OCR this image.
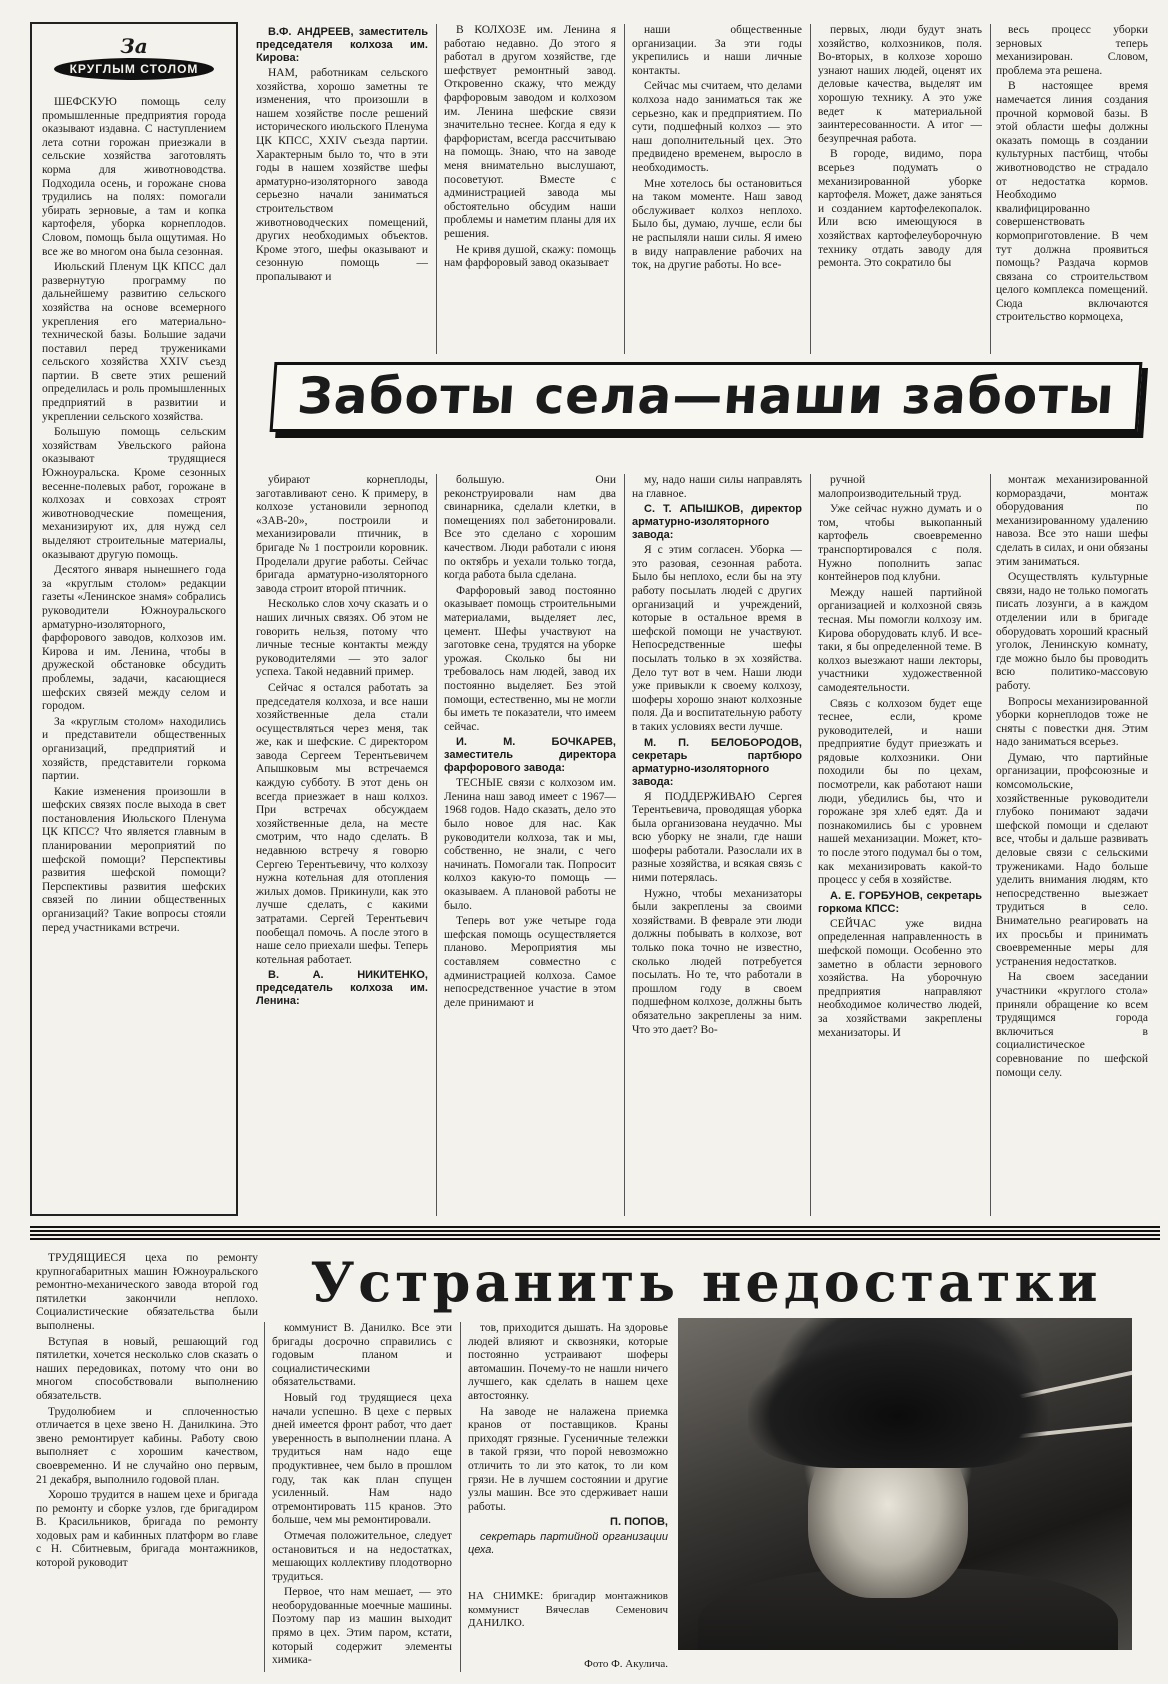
За
КРУГЛЫМ СТОЛОМ

ШЕФСКУЮ помощь селу промышленные предприятия города оказывают издавна. С наступлением лета сотни горожан приезжали в сельские хозяйства заготовлять корма для животноводства. Подходила осень, и горожане снова трудились на полях: помогали убирать зерновые, а там и копка картофеля, уборка корнеплодов. Словом, помощь была ощутимая. Но все же во многом она была сезонная.

Июльский Пленум ЦК КПСС дал развернутую программу по дальнейшему развитию сельского хозяйства на основе всемерного укрепления его материально-технической базы. Большие задачи поставил перед тружениками сельского хозяйства XXIV съезд партии. В свете этих решений определилась и роль промышленных предприятий в развитии и укреплении сельского хозяйства.

Большую помощь сельским хозяйствам Увельского района оказывают трудящиеся Южноуральска. Кроме сезонных весенне-полевых работ, горожане в колхозах и совхозах строят животноводческие помещения, механизируют их, для нужд сел выделяют строительные материалы, оказывают другую помощь.

Десятого января нынешнего года за «круглым столом» редакции газеты «Ленинское знамя» собрались руководители Южноуральского арматурно-изоляторного, фарфорового заводов, колхозов им. Кирова и им. Ленина, чтобы в дружеской обстановке обсудить проблемы, задачи, касающиеся шефских связей между селом и городом.

За «круглым столом» находились и представители общественных организаций, предприятий и хозяйств, представители горкома партии.

Какие изменения произошли в шефских связях после выхода в свет постановления Июльского Пленума ЦК КПСС? Что является главным в планировании мероприятий по шефской помощи? Перспективы развития шефской помощи? Перспективы развития шефских связей по линии общественных организаций? Такие вопросы стояли перед участниками встречи.

В.Ф. АНДРЕЕВ, заместитель председателя колхоза им. Кирова:

НАМ, работникам сельского хозяйства, хорошо заметны те изменения, что произошли в нашем хозяйстве после решений исторического июльского Пленума ЦК КПСС, XXIV съезда партии. Характерным было то, что в эти годы в нашем хозяйстве шефы арматурно-изоляторного завода серьезно начали заниматься строительством животноводческих помещений, других необходимых объектов. Кроме этого, шефы оказывают и сезонную помощь — пропалывают и

В КОЛХОЗЕ им. Ленина я работаю недавно. До этого я работал в другом хозяйстве, где шефствует ремонтный завод. Откровенно скажу, что между фарфоровым заводом и колхозом им. Ленина шефские связи значительно теснее. Когда я еду к фарфористам, всегда рассчитываю на помощь. Знаю, что на заводе меня внимательно выслушают, посоветуют. Вместе с администрацией завода мы обстоятельно обсудим наши проблемы и наметим планы для их решения.

Не кривя душой, скажу: помощь нам фарфоровый завод оказывает

наши общественные организации. За эти годы укрепились и наши личные контакты.

Сейчас мы считаем, что делами колхоза надо заниматься так же серьезно, как и предприятием. По сути, подшефный колхоз — это наш дополнительный цех. Это предвидено временем, выросло в необходимость.

Мне хотелось бы остановиться на таком моменте. Наш завод обслуживает колхоз неплохо. Было бы, думаю, лучше, если бы не распыляли наши силы. Я имею в виду направление рабочих на ток, на другие работы. Но все-

первых, люди будут знать хозяйство, колхозников, поля. Во-вторых, в колхозе хорошо узнают наших людей, оценят их деловые качества, выделят им хорошую технику. А это уже ведет к материальной заинтересованности. А итог — безупречная работа.

В городе, видимо, пора всерьез подумать о механизированной уборке картофеля. Может, даже заняться и созданием картофелекопалок. Или всю имеющуюся в хозяйствах картофелеуборочную технику отдать заводу для ремонта. Это сократило бы

весь процесс уборки зерновых теперь механизирован. Словом, проблема эта решена.

В настоящее время намечается линия создания прочной кормовой базы. В этой области шефы должны оказать помощь в создании культурных пастбищ, чтобы животноводство не страдало от недостатка кормов. Необходимо квалифицированно совершенствовать кормоприготовление. В чем тут должна проявиться помощь? Раздача кормов связана со строительством целого комплекса помещений. Сюда включаются строительство кормоцеха,

Заботы села—наши заботы

убирают корнеплоды, заготавливают сено. К примеру, в колхозе установили зернопод «ЗАВ-20», построили и механизировали птичник, в бригаде № 1 построили коровник. Проделали другие работы. Сейчас бригада арматурно-изоляторного завода строит второй птичник.

Несколько слов хочу сказать и о наших личных связях. Об этом не говорить нельзя, потому что личные тесные контакты между руководителями — это залог успеха. Такой недавний пример.

Сейчас я остался работать за председателя колхоза, и все наши хозяйственные дела стали осуществляться через меня, так же, как и шефские. С директором завода Сергеем Терентьевичем Апышковым мы встречаемся каждую субботу. В этот день он всегда приезжает в наш колхоз. При встречах обсуждаем хозяйственные дела, на месте смотрим, что надо сделать. В недавнюю встречу я говорю Сергею Терентьевичу, что колхозу нужна котельная для отопления жилых домов. Прикинули, как это лучше сделать, с какими затратами. Сергей Терентьевич пообещал помочь. А после этого в наше село приехали шефы. Теперь котельная работает.

В. А. НИКИТЕНКО, председатель колхоза им. Ленина:

большую. Они реконструировали нам два свинарника, сделали клетки, в помещениях пол забетонировали. Все это сделано с хорошим качеством. Люди работали с июня по октябрь и уехали только тогда, когда работа была сделана.

Фарфоровый завод постоянно оказывает помощь строительными материалами, выделяет лес, цемент. Шефы участвуют на заготовке сена, трудятся на уборке урожая. Сколько бы ни требовалось нам людей, завод их постоянно выделяет. Без этой помощи, естественно, мы не могли бы иметь те показатели, что имеем сейчас.

И. М. БОЧКАРЕВ, заместитель директора фарфорового завода:

ТЕСНЫЕ связи с колхозом им. Ленина наш завод имеет с 1967—1968 годов. Надо сказать, дело это было новое для нас. Как руководители колхоза, так и мы, собственно, не знали, с чего начинать. Помогали так. Попросит колхоз какую-то помощь — оказываем. А плановой работы не было.

Теперь вот уже четыре года шефская помощь осуществляется планово. Мероприятия мы составляем совместно с администрацией колхоза. Самое непосредственное участие в этом деле принимают и

му, надо наши силы направлять на главное.

С. Т. АПЫШКОВ, директор арматурно-изоляторного завода:

Я с этим согласен. Уборка — это разовая, сезонная работа. Было бы неплохо, если бы на эту работу посылать людей с других организаций и учреждений, которые в остальное время в шефской помощи не участвуют. Непосредственные шефы посылать только в эх хозяйства. Дело тут вот в чем. Наши люди уже привыкли к своему колхозу, шоферы хорошо знают колхозные поля. Да и воспитательную работу в таких условиях вести лучше.

М. П. БЕЛОБОРОДОВ, секретарь партбюро арматурно-изоляторного завода:

Я ПОДДЕРЖИВАЮ Сергея Терентьевича, проводящая уборка была организована неудачно. Мы всю уборку не знали, где наши шоферы работали. Разослали их в разные хозяйства, и всякая связь с ними потерялась.

Нужно, чтобы механизаторы были закреплены за своими хозяйствами. В феврале эти люди должны побывать в колхозе, вот только пока точно не известно, сколько людей потребуется посылать. Но те, что работали в прошлом году в своем подшефном колхозе, должны быть обязательно закреплены за ним. Что это дает? Во-

ручной малопроизводительный труд.

Уже сейчас нужно думать и о том, чтобы выкопанный картофель своевременно транспортировался с поля. Нужно пополнить запас контейнеров под клубни.

Между нашей партийной организацией и колхозной связь тесная. Мы помогли колхозу им. Кирова оборудовать клуб. И все-таки, я бы определенной теме. В колхоз выезжают наши лекторы, участники художественной самодеятельности.

Связь с колхозом будет еще теснее, если, кроме руководителей, и наши предприятие будут приезжать и рядовые колхозники. Они походили бы по цехам, посмотрели, как работают наши люди, убедились бы, что и горожане зря хлеб едят. Да и познакомились бы с уровнем нашей механизации. Может, кто-то после этого подумал бы о том, как механизировать какой-то процесс у себя в хозяйстве.

А. Е. ГОРБУНОВ, секретарь горкома КПСС:

СЕЙЧАС уже видна определенная направленность в шефской помощи. Особенно это заметно в области зернового хозяйства. На уборочную предприятия направляют необходимое количество людей, за хозяйствами закреплены механизаторы. И

монтаж механизированной кормораздачи, монтаж оборудования по механизированному удалению навоза. Все это наши шефы сделать в силах, и они обязаны этим заниматься.

Осуществлять культурные связи, надо не только помогать писать лозунги, а в каждом отделении или в бригаде оборудовать хороший красный уголок, Ленинскую комнату, где можно было бы проводить всю политико-массовую работу.

Вопросы механизированной уборки корнеплодов тоже не сняты с повестки дня. Этим надо заниматься всерьез.

Думаю, что партийные организации, профсоюзные и комсомольские, хозяйственные руководители глубоко понимают задачи шефской помощи и сделают все, чтобы и дальше развивать деловые связи с сельскими тружениками. Надо больше уделить внимания людям, кто непосредственно выезжает трудиться в село. Внимательно реагировать на их просьбы и принимать своевременные меры для устранения недостатков.

На своем заседании участники «круглого стола» приняли обращение ко всем трудящимся города включиться в социалистическое соревнование по шефской помощи селу.

Устранить недостатки

ТРУДЯЩИЕСЯ цеха по ремонту крупногабаритных машин Южноуральского ремонтно-механического завода второй год пятилетки закончили неплохо. Социалистические обязательства были выполнены.

Вступая в новый, решающий год пятилетки, хочется несколько слов сказать о наших передовиках, потому что они во многом способствовали выполнению обязательств.

Трудолюбием и сплоченностью отличается в цехе звено Н. Данилкина. Это звено ремонтирует кабины. Работу свою выполняет с хорошим качеством, своевременно. И не случайно оно первым, 21 декабря, выполнило годовой план.

Хорошо трудится в нашем цехе и бригада по ремонту и сборке узлов, где бригадиром В. Красильников, бригада по ремонту ходовых рам и кабинных платформ во главе с Н. Сбитневым, бригада монтажников, которой руководит

коммунист В. Данилко. Все эти бригады досрочно справились с годовым планом и социалистическими обязательствами.

Новый год трудящиеся цеха начали успешно. В цехе с первых дней имеется фронт работ, что дает уверенность в выполнении плана. А трудиться нам надо еще продуктивнее, чем было в прошлом году, так как план спущен усиленный. Нам надо отремонтировать 115 кранов. Это больше, чем мы ремонтировали.

Отмечая положительное, следует остановиться и на недостатках, мешающих коллективу плодотворно трудиться.

Первое, что нам мешает, — это необорудованные моечные машины. Поэтому пар из машин выходит прямо в цех. Этим паром, кстати, который содержит элементы химика-

тов, приходится дышать. На здоровье людей влияют и сквозняки, которые постоянно устраивают шоферы автомашин. Почему-то не нашли ничего лучшего, как сделать в нашем цехе автостоянку.

На заводе не налажена приемка кранов от поставщиков. Краны приходят грязные. Гусеничные тележки в такой грязи, что порой невозможно отличить то ли это каток, то ли ком грязи. Не в лучшем состоянии и другие узлы машин. Все это сдерживает наши работы.

П. ПОПОВ,
секретарь партийной организации цеха.
НА СНИМКЕ: бригадир монтажников коммунист Вячеслав Семенович ДАНИЛКО.
Фото Ф. Акулича.
